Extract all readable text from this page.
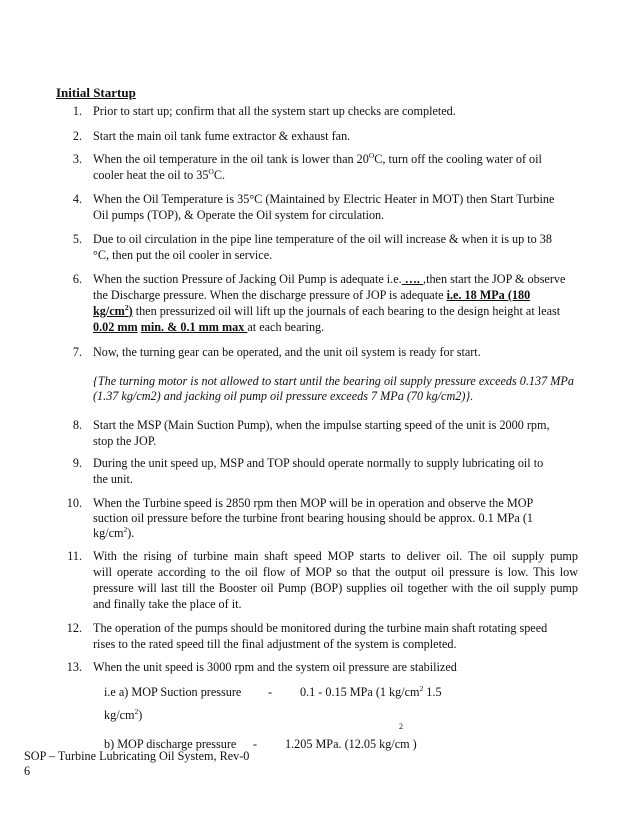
Initial Startup
1. Prior to start up; confirm that all the system start up checks are completed.
2. Start the main oil tank fume extractor & exhaust fan.
3. When the oil temperature in the oil tank is lower than $20^OC$, turn off the cooling water of oil
cooler heat the oil to $35^OC$.
4. When the Oil Temperature is 35°C (Maintained by Electric Heater in MOT) then Start Turbine
Oil pumps (TOP), & Operate the Oil system for circulation.
5. Due to oil circulation in the pipe line temperature of the oil will increase & when it is up to 38
°C, then put the oil cooler in service.
6. When the suction Pressure of Jacking Oil Pump is adequate i.e. …. ,then start the JOP & observe
the Discharge pressure. When the discharge pressure of JOP is adequate i.e. 18 MPa (180
$kg/cm^2$) then pressurized oil will lift up the journals of each bearing to the design height at least
0.02 mm min. & 0.1 mm max at each bearing.
7. Now, the turning gear can be operated, and the unit oil system is ready for start.
{The turning motor is not allowed to start until the bearing oil supply pressure exceeds 0.137 MPa
(1.37 kg/cm2) and jacking oil pump oil pressure exceeds 7 MPa (70 kg/cm2)}.
8. Start the MSP (Main Suction Pump), when the impulse starting speed of the unit is 2000 rpm,
stop the JOP.
9. During the unit speed up, MSP and TOP should operate normally to supply lubricating oil to
the unit.
10. When the Turbine speed is 2850 rpm then MOP will be in operation and observe the MOP
suction oil pressure before the turbine front bearing housing should be approx. 0.1 MPa (1
$kg/cm^2$).
11. With the rising of turbine main shaft speed MOP starts to deliver oil. The oil supply pump
will operate according to the oil flow of MOP so that the output oil pressure is low. This low
pressure will last till the Booster oil Pump (BOP) supplies oil together with the oil supply pump
and finally take the place of it.
12. The operation of the pumps should be monitored during the turbine main shaft rotating speed
rises to the rated speed till the final adjustment of the system is completed.
13. When the unit speed is 3000 rpm and the system oil pressure are stabilized
i.e a) MOP Suction pressure - 0.1 - 0.15 MPa (1 $kg/cm^2$ 1.5
$kg/cm^2$)
2
b) MOP discharge pressure - 1.205 MPa. (12.05 kg/cm )
SOP – Turbine Lubricating Oil System, Rev-0
6
